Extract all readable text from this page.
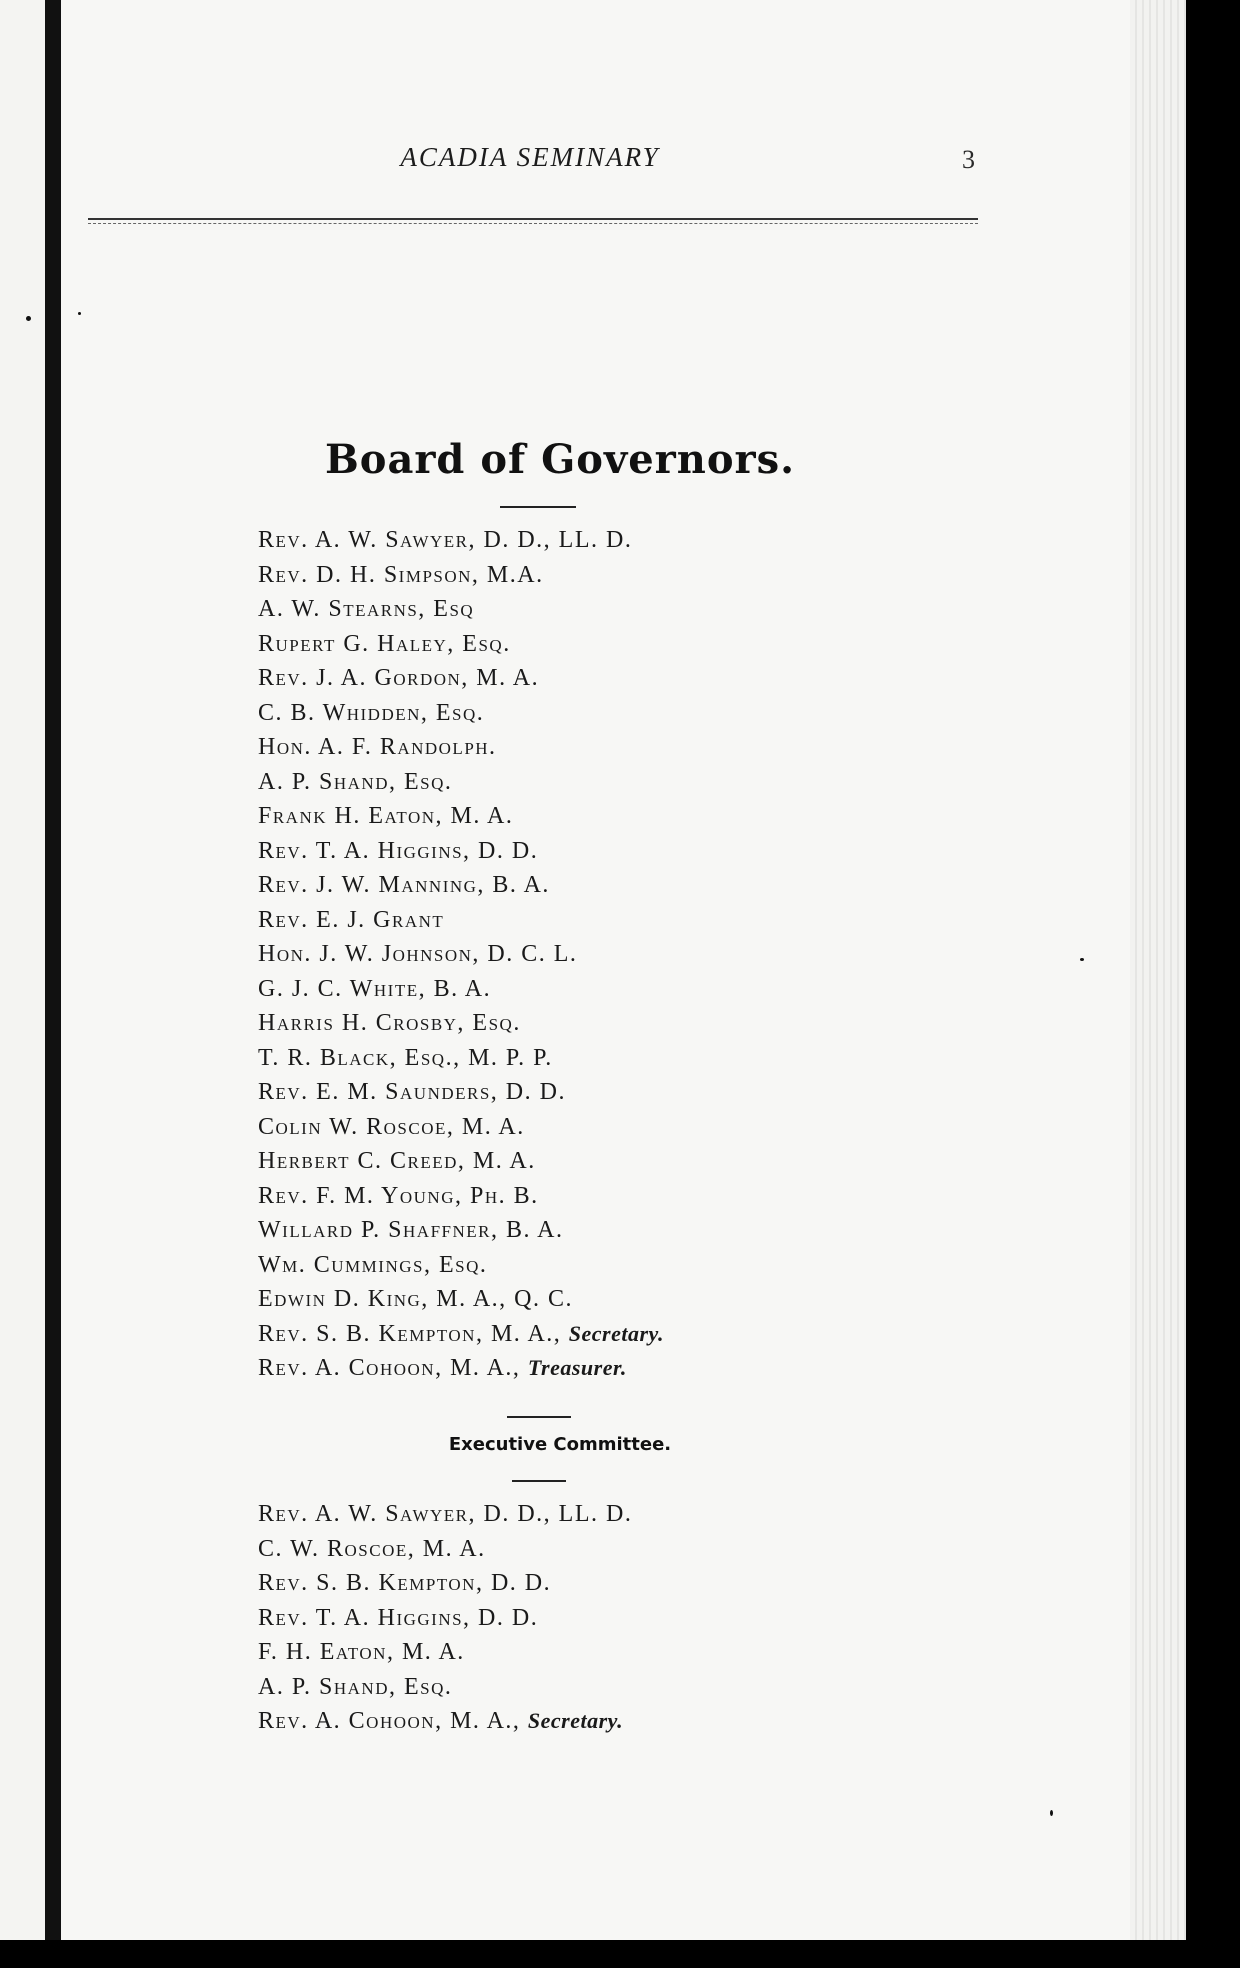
ACADIA SEMINARY	3
Board of Governors.
Rev. A. W. Sawyer, D. D., LL. D.
Rev. D. H. Simpson, M.A.
A. W. Stearns, Esq
Rupert G. Haley, Esq.
Rev. J. A. Gordon, M. A.
C. B. Whidden, Esq.
Hon. A. F. Randolph.
A. P. Shand, Esq.
Frank H. Eaton, M. A.
Rev. T. A. Higgins, D. D.
Rev. J. W. Manning, B. A.
Rev. E. J. Grant
Hon. J. W. Johnson, D. C. L.
G. J. C. White, B. A.
Harris H. Crosby, Esq.
T. R. Black, Esq., M. P. P.
Rev. E. M. Saunders, D. D.
Colin W. Roscoe, M. A.
Herbert C. Creed, M. A.
Rev. F. M. Young, Ph. B.
Willard P. Shaffner, B. A.
Wm. Cummings, Esq.
Edwin D. King, M. A., Q. C.
Rev. S. B. Kempton, M. A., Secretary.
Rev. A. Cohoon, M. A., Treasurer.
Executive Committee.
Rev. A. W. Sawyer, D. D., LL. D.
C. W. Roscoe, M. A.
Rev. S. B. Kempton, D. D.
Rev. T. A. Higgins, D. D.
F. H. Eaton, M. A.
A. P. Shand, Esq.
Rev. A. Cohoon, M. A., Secretary.
